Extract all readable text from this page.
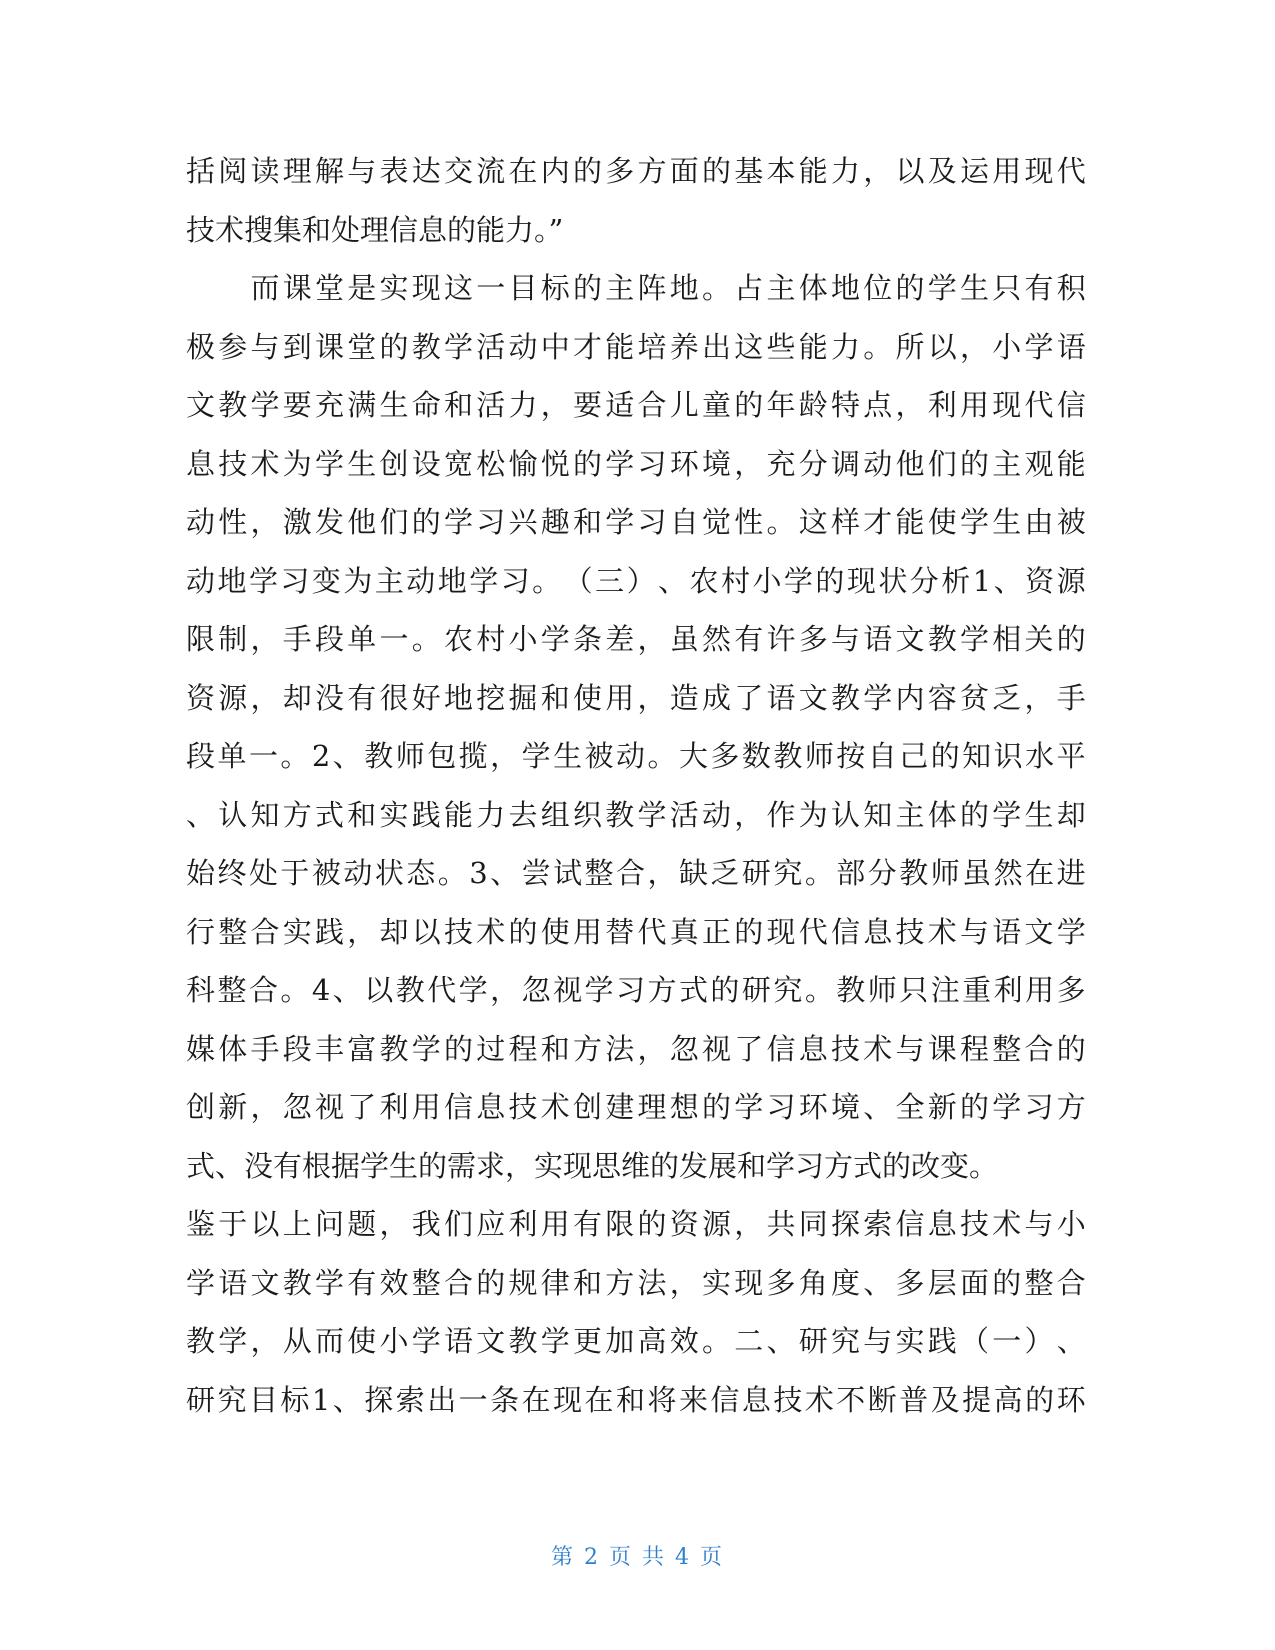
括 阅 读 理 解 与 表 达 交 流 在 内 的 多 方 面 的 基 本 能 力 ， 以 及 运 用 现 代
技术搜集和处理信息的能力。”

而 课 堂 是 实 现 这 一 目 标 的 主 阵 地 。 占 主 体 地 位 的 学 生 只 有 积
极 参 与 到 课 堂 的 教 学 活 动 中 才 能 培 养 出 这 些 能 力 。 所 以 ， 小 学 语
文 教 学 要 充 满 生 命 和 活 力 ， 要 适 合 儿 童 的 年 龄 特 点 ， 利 用 现 代 信
息 技 术 为 学 生 创 设 宽 松 愉 悦 的 学 习 环 境 ， 充 分 调 动 他 们 的 主 观 能
动 性 ， 激 发 他 们 的 学 习 兴 趣 和 学 习 自 觉 性 。 这 样 才 能 使 学 生 由 被
动 地 学 习 变 为 主 动 地 学 习 。 （ 三 ） 、 农 村 小 学 的 现 状 分 析 1 、 资 源
限 制 ， 手 段 单 一 。 农 村 小 学 条 差 ， 虽 然 有 许 多 与 语 文 教 学 相 关 的
资 源 ， 却 没 有 很 好 地 挖 掘 和 使 用 ， 造 成 了 语 文 教 学 内 容 贫 乏 ， 手
段 单 一 。 2 、 教 师 包 揽 ， 学 生 被 动 。 大 多 数 教 师 按 自 己 的 知 识 水 平
、 认 知 方 式 和 实 践 能 力 去 组 织 教 学 活 动 ， 作 为 认 知 主 体 的 学 生 却
始 终 处 于 被 动 状 态 。 3 、 尝 试 整 合 ， 缺 乏 研 究 。 部 分 教 师 虽 然 在 进
行 整 合 实 践 ， 却 以 技 术 的 使 用 替 代 真 正 的 现 代 信 息 技 术 与 语 文 学
科 整 合 。 4 、 以 教 代 学 ， 忽 视 学 习 方 式 的 研 究 。 教 师 只 注 重 利 用 多
媒 体 手 段 丰 富 教 学 的 过 程 和 方 法 ， 忽 视 了 信 息 技 术 与 课 程 整 合 的
创 新 ， 忽 视 了 利 用 信 息 技 术 创 建 理 想 的 学 习 环 境 、 全 新 的 学 习 方
式、没有根据学生的需求，实现思维的发展和学习方式的改变。
鉴 于 以 上 问 题 ， 我 们 应 利 用 有 限 的 资 源 ， 共 同 探 索 信 息 技 术 与 小
学 语 文 教 学 有 效 整 合 的 规 律 和 方 法 ， 实 现 多 角 度 、 多 层 面 的 整 合
教 学 ， 从 而 使 小 学 语 文 教 学 更 加 高 效 。 二 、 研 究 与 实 践 （ 一 ） 、
研 究 目 标 1 、 探 索 出 一 条 在 现 在 和 将 来 信 息 技 术 不 断 普 及 提 高 的 环
第 2 页 共 4 页
